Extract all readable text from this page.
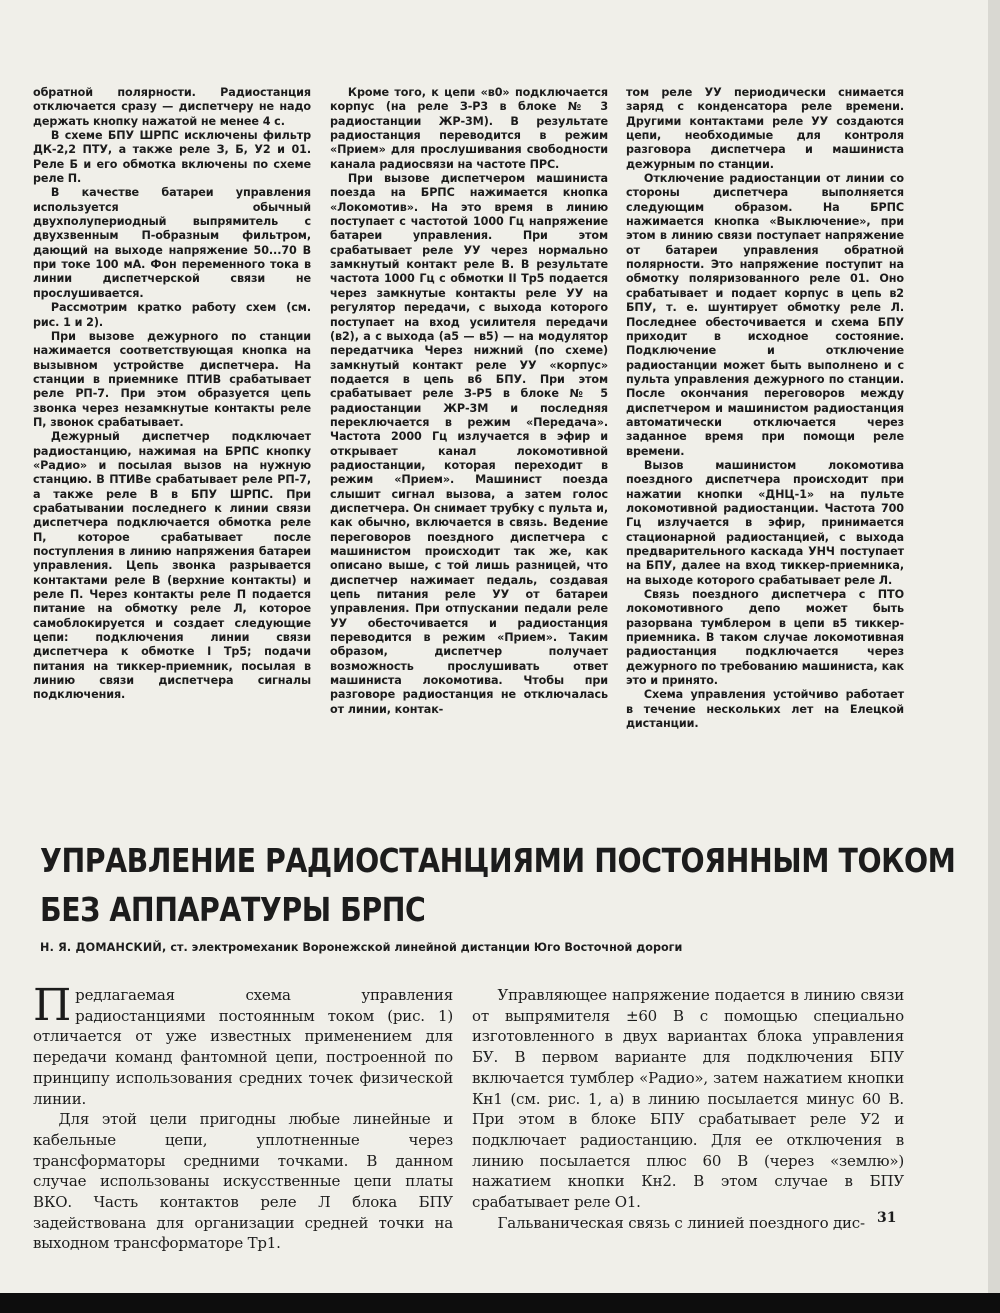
обратной полярности. Радиостанция отключается сразу — диспетчеру не надо держать кнопку нажатой не менее 4 с.

В схеме БПУ ШРПС исключены фильтр ДК-2,2 ПТУ, а также реле З, Б, У2 и 01. Реле Б и его обмотка включены по схеме реле П.

В качестве батареи управления используется обычный двухполупериодный выпрямитель с двухзвенным П-образным фильтром, дающий на выходе напряжение 50...70 В при токе 100 мА. Фон переменного тока в линии диспетчерской связи не прослушивается.

Рассмотрим кратко работу схем (см. рис. 1 и 2).

При вызове дежурного по станции нажимается соответствующая кнопка на вызывном устройстве диспетчера. На станции в приемнике ПТИВ срабатывает реле РП-7. При этом образуется цепь звонка через незамкнутые контакты реле П, звонок срабатывает.

Дежурный диспетчер подключает радиостанцию, нажимая на БРПС кнопку «Радио» и посылая вызов на нужную станцию. В ПТИВе срабатывает реле РП-7, а также реле В в БПУ ШРПС. При срабатывании последнего к линии связи диспетчера подключается обмотка реле П, которое срабатывает после поступления в линию напряжения батареи управления. Цепь звонка разрывается контактами реле В (верхние контакты) и реле П. Через контакты реле П подается питание на обмотку реле Л, которое самоблокируется и создает следующие цепи: подключения линии связи диспетчера к обмотке I Тр5; подачи питания на тиккер-приемник, посылая в линию связи диспетчера сигналы подключения.

Кроме того, к цепи «в0» подключается корпус (на реле З-Р3 в блоке № 3 радиостанции ЖР-3М). В результате радиостанция переводится в режим «Прием» для прослушивания свободности канала радиосвязи на частоте ПРС.

При вызове диспетчером машиниста поезда на БРПС нажимается кнопка «Локомотив». На это время в линию поступает с частотой 1000 Гц напряжение батареи управления. При этом срабатывает реле УУ через нормально замкнутый контакт реле В. В результате частота 1000 Гц с обмотки II Тр5 подается через замкнутые контакты реле УУ на регулятор передачи, с выхода которого поступает на вход усилителя передачи (в2), а с выхода (а5 — в5) — на модулятор передатчика Через нижний (по схеме) замкнутый контакт реле УУ «корпус» подается в цепь в6 БПУ. При этом срабатывает реле З-Р5 в блоке № 5 радиостанции ЖР-3М и последняя переключается в режим «Передача». Частота 2000 Гц излучается в эфир и открывает канал локомотивной радиостанции, которая переходит в режим «Прием». Машинист поезда слышит сигнал вызова, а затем голос диспетчера. Он снимает трубку с пульта и, как обычно, включается в связь. Ведение переговоров поездного диспетчера с машинистом происходит так же, как описано выше, с той лишь разницей, что диспетчер нажимает педаль, создавая цепь питания реле УУ от батареи управления. При отпускании педали реле УУ обесточивается и радиостанция переводится в режим «Прием». Таким образом, диспетчер получает возможность прослушивать ответ машиниста локомотива. Чтобы при разговоре радиостанция не отключалась от линии, контак-

том реле УУ периодически снимается заряд с конденсатора реле времени. Другими контактами реле УУ создаются цепи, необходимые для контроля разговора диспетчера и машиниста дежурным по станции.

Отключение радиостанции от линии со стороны диспетчера выполняется следующим образом. На БРПС нажимается кнопка «Выключение», при этом в линию связи поступает напряжение от батареи управления обратной полярности. Это напряжение поступит на обмотку поляризованного реле 01. Оно срабатывает и подает корпус в цепь в2 БПУ, т. е. шунтирует обмотку реле Л. Последнее обесточивается и схема БПУ приходит в исходное состояние. Подключение и отключение радиостанции может быть выполнено и с пульта управления дежурного по станции. После окончания переговоров между диспетчером и машинистом радиостанция автоматически отключается через заданное время при помощи реле времени.

Вызов машинистом локомотива поездного диспетчера происходит при нажатии кнопки «ДНЦ-1» на пульте локомотивной радиостанции. Частота 700 Гц излучается в эфир, принимается стационарной радиостанцией, с выхода предварительного каскада УНЧ поступает на БПУ, далее на вход тиккер-приемника, на выходе которого срабатывает реле Л.

Связь поездного диспетчера с ПТО локомотивного депо может быть разорвана тумблером в цепи в5 тиккер-приемника. В таком случае локомотивная радиостанция подключается через дежурного по требованию машиниста, как это и принято.

Схема управления устойчиво работает в течение нескольких лет на Елецкой дистанции.

УПРАВЛЕНИЕ РАДИОСТАНЦИЯМИ ПОСТОЯННЫМ ТОКОМ
БЕЗ АППАРАТУРЫ БРПС
Н. Я. ДОМАНСКИЙ, ст. электромеханик Воронежской линейной дистанции Юго Восточной дороги

Предлагаемая схема управления радиостанциями постоянным током (рис. 1) отличается от уже известных применением для передачи команд фантомной цепи, построенной по принципу использования средних точек физической линии.

Для этой цели пригодны любые линейные и кабельные цепи, уплотненные через трансформаторы средними точками. В данном случае использованы искусственные цепи платы ВКО. Часть контактов реле Л блока БПУ задействована для организации средней точки на выходном трансформаторе Тр1.

Управляющее напряжение подается в линию связи от выпрямителя ±60 В с помощью специально изготовленного в двух вариантах блока управления БУ. В первом варианте для подключения БПУ включается тумблер «Радио», затем нажатием кнопки Кн1 (см. рис. 1, а) в линию посылается минус 60 В. При этом в блоке БПУ срабатывает реле У2 и подключает радиостанцию. Для ее отключения в линию посылается плюс 60 В (через «землю») нажатием кнопки Кн2. В этом случае в БПУ срабатывает реле О1.

Гальваническая связь с линией поездного дис- 31
